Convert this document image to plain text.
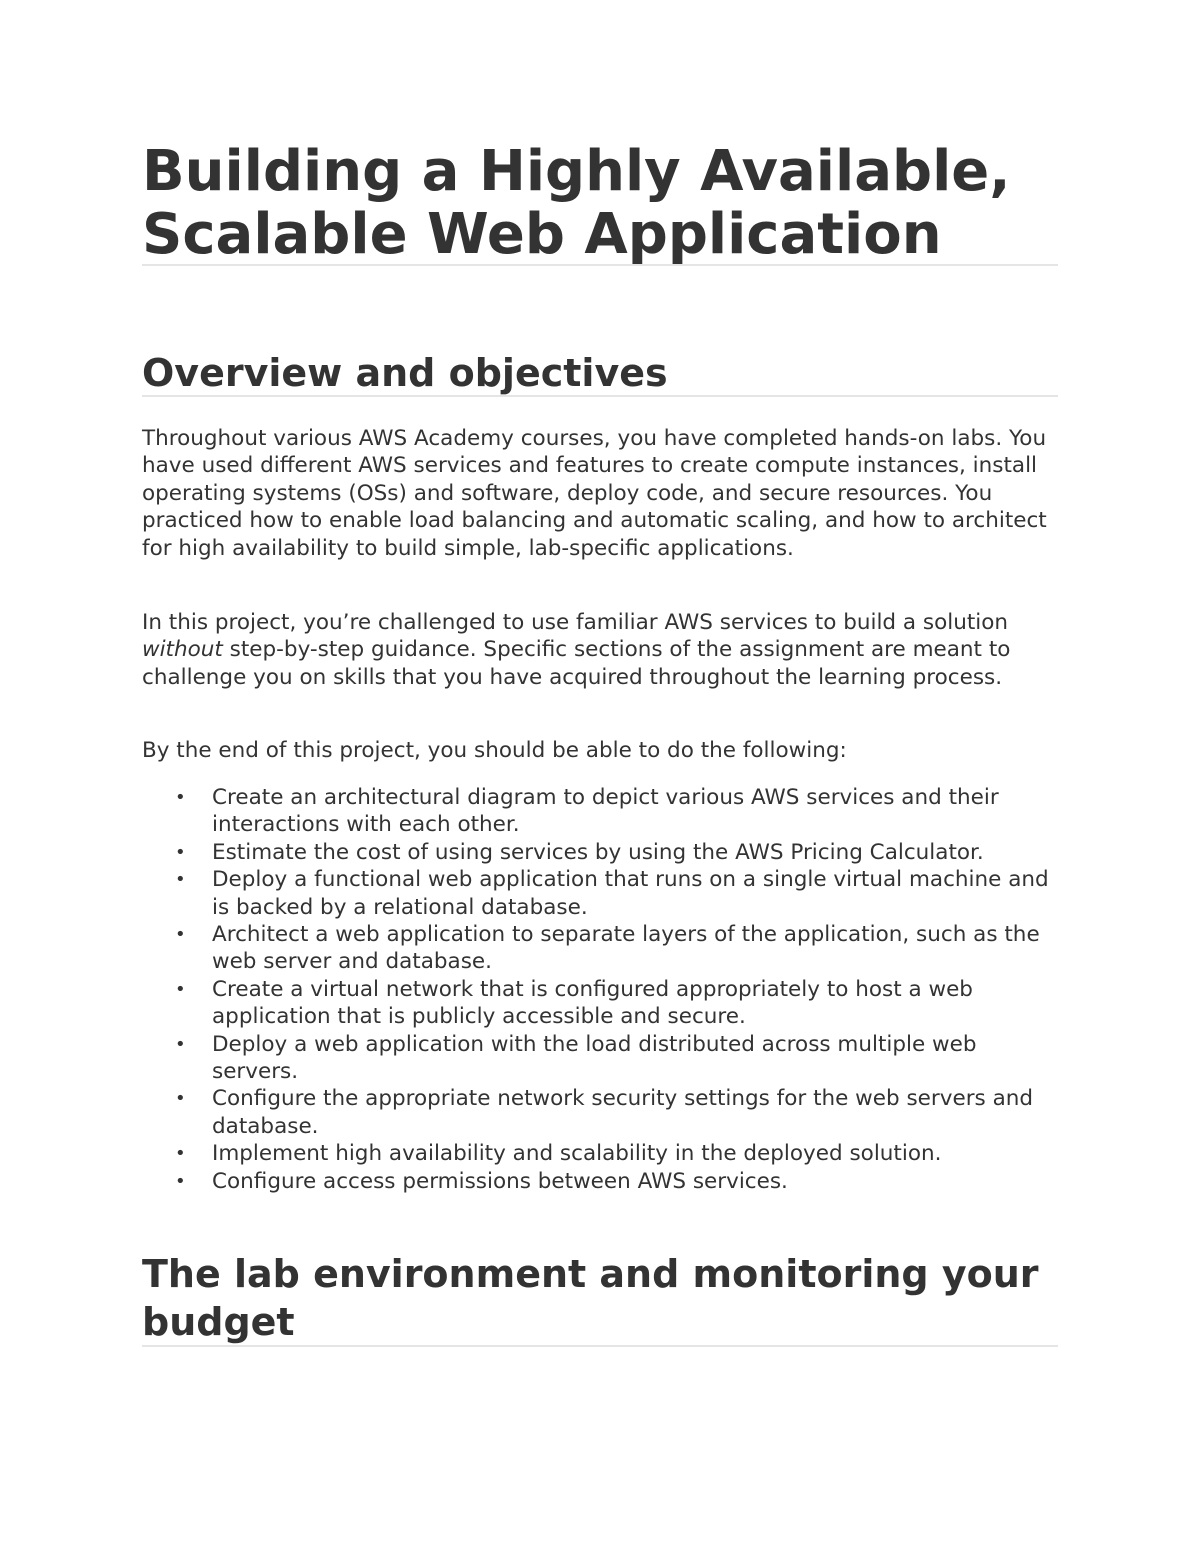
Building a Highly Available, Scalable Web Application
Overview and objectives

Throughout various AWS Academy courses, you have completed hands-on labs. You have used different AWS services and features to create compute instances, install operating systems (OSs) and software, deploy code, and secure resources. You practiced how to enable load balancing and automatic scaling, and how to architect for high availability to build simple, lab-specific applications.

In this project, you’re challenged to use familiar AWS services to build a solution without step-by-step guidance. Specific sections of the assignment are meant to challenge you on skills that you have acquired throughout the learning process.

By the end of this project, you should be able to do the following:

• Create an architectural diagram to depict various AWS services and their interactions with each other.
• Estimate the cost of using services by using the AWS Pricing Calculator.
• Deploy a functional web application that runs on a single virtual machine and is backed by a relational database.
• Architect a web application to separate layers of the application, such as the web server and database.
• Create a virtual network that is configured appropriately to host a web application that is publicly accessible and secure.
• Deploy a web application with the load distributed across multiple web servers.
• Configure the appropriate network security settings for the web servers and database.
• Implement high availability and scalability in the deployed solution.
• Configure access permissions between AWS services.
The lab environment and monitoring your budget
